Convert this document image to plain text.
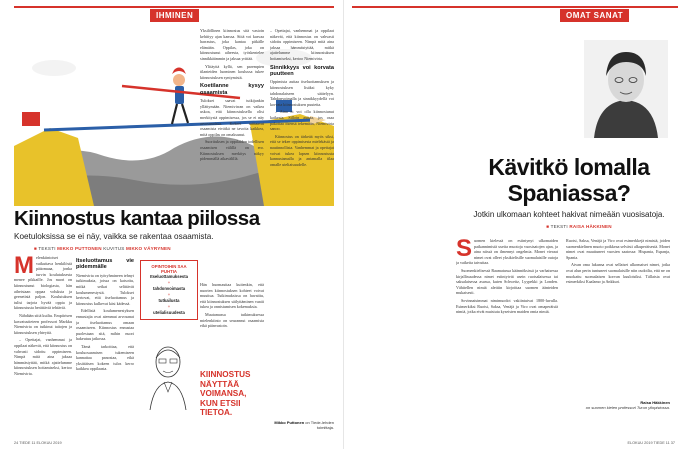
IHMINEN
Kiinnostus kantaa piilossa
Koetuloksissa se ei näy, vaikka se rakentaa osaamista.
■ TEKSTI MIKKO PUTTONEN KUVITUS MIKKO VÄYRYNEN
M elenkiintoiset vaikuttava henkilöstä pääomaaa, jonka turvin koulutuksesta menee pikkaille. Jos nuori on kiinnostunut biologiasta, hän aiheistaan oppaa voluksta ja geenetistä paljon. Koulutuksen tulisi tarjota hyvää oppia ja kiinnostusta herättäviä tehtäviä.

Nähdään siitä kuiltu. Empiirisen kasvatustieteen professori Markku Niemivirta on tutkinut taitojen ja kiinnostuksen yhteyttä.

– Opettajat, vanhemmat ja oppilaat näkevät, että kiinnostus on vahvasti sidottu oppimiseen. Nimpä mitä aina jaksaa hämmästyttää, mitkä ajattelumme kiinnostuksen hoitamiseksi, kertoo Niemivirta.

Itseluottamus vie pidemmälle

Niemivirta on työryhmineen tehnyt tutkimuksia, joissa on katsottu, mitkä seikat selittävät koulumenestystä. Tulokset kertovat, että itseluottamus ja kiinnostus kulkevat käsi kädessä.

Edellisiä koulumenestyksen ennustajia ovat aiemmat arvosanat ja itseluottamus omaan osaamiseen. Kiinnostus ennustaa puolestaan sitä, mihin nuori hakeutuu jatkossa.

Tämä tarkoittaa, että kouluosaamisen tukemiseen kannattaa panostaa, eikä yksittäisen kokeen tulos kerro kaikkea oppilaasta.

OPINTOIHIN SAA PUHTIA
Itseluottamuksesta
+
tahdonvoimasta
+
tutkailusta
+
utelialisuudesta

Yksilöllinen kiinnostus sitä vastoin kehittyy ajan kanssa. Siitä voi kasvaa harrastus, joka kantaa pitkälle elämään. Oppilas, joka on kiinnostunut aiheesta, työskentelee sinnikkäämmin ja jaksaa yrittää.

Ylitäyttä kyllä, sen parempien tilanteiden luominen koulussa tukee kiinnostuksen syntymistä.

Koetilanne kysyy osaamista

Tulokset saavat tutkijankin yllättymään. Niemivirran on vaikea uskoa, että kiinnostuksella olisi merkitystä oppimisessa, jos se ei näy arvosanoissa. Kokeet mittaavat osaamista eivätkä ne tavoita kaikkea, mitä oppilas on omaksunut.

Suorituksen ja oppilaiden todellisen osaamisen välillä on ero. Kiinnostuksen merkitys näkyy pidemmällä aikavälillä.

KIINNOSTUS NÄYTTÄÄ VOIMANSA, KUN ETSII TIETOA.

Hän huomauttaa kuitenkin, että nuorten kiinnostuksen kohteet voivat muuttua. Tutkimuksissa on havaittu, että kiinnostuksen säilyttäminen vaatii tukea ja onnistumisen kokemuksia.

Muutamassa tutkimuksessa mielenkiinto on seurannut osaamista eikä päinvastoin.

– Opettajat, vanhemmat ja oppilaat näkevät, että kiinnostus on vahvasti sidottu oppimiseen. Nimpä mitä aina jaksaa hämmästyttää, mitkä ajattelumme kiinnostuksen hoitamiseksi, kertoo Niemivirta.

Sinnikkyys voi korvata puutteen

Oppimista auttaa itseluottamuksen ja kiinnostuksen lisäksi kyky tahdonalaiseen säätelyyn. Tahdonvoimalla ja sinnikkyydellä voi korvata kiinnostuksen puutetta.

– Aina ei voi olla kiinnostunut kaikesta. Silloin auttaa, jos osaa pakottaa itsensä tekemään, Niemivirta sanoo.

Kiinnostus on tärkeää myös siksi, että se tekee oppimisesta mielekästä ja nautinnollista. Vanhemmat ja opettajat voivat tukea lapsen kiinnostusta kannustamalla ja antamalla tilaa omalle uteliaisuudelle.

Mikko Puttonen on Tiede-lehden toimittaja.
24 TIEDE 11 ELOKUU 2019
OMAT SANAT
Kävitkö lomalla Spaniassa?
Jotkin ulkomaan kohteet hakivat nimeään vuosisatoja.
■ TEKSTI RAISA HÄKKINEN
S uomen kielessä on esiintynyt ulkomaiden paikannimistä useita muotoja vuosisatojen ajan, ja aina niissä on ilmennyt ongelmia. Monet vieraat nimet ovat olleet yksikielisille suomalaisille outoja ja vaikeita taivuttaa.

Suomenkielisessä Raamatussa käännöksissä ja varhaisessa kirjallisuudessa nimet esiintyivät usein ruotsalaisessa tai saksalaisessa asussa, kuten Schweitz, Lyypekki ja Londen. Vähitellen nimiä alettiin kirjoittaa suomen äänteiden mukaisesti.

Sovinnaisimmat nimimuodot vakiintuivat 1800-luvulla. Esimerkiksi Ruotsi, Saksa, Venäjä ja Viro ovat omaperäisiä nimiä, jotka eivät muistuta kyseisten maiden omia nimiä.

Ruotsi, Saksa, Venäjä ja Viro ovat esimerkkejä nimistä, joiden suomenkielinen muoto poikkeaa selvästi alkuperäisestä. Monet nimet ovat muuttuneet vuosien saatossa: Hispania, Espanja, Spania.

Aivan oma lukunsa ovat sellaiset ulkomaiset nimet, jotka ovat alun perin tuntuneet suomalaisille niin oudoilta, että ne on muokattu suomalaisen korvan kuuloisiksi. Tällaisia ovat esimerkiksi Kaalamo ja Ankkuri.

Raisa Häkkinen
on suomen kielen professori Turun yliopistossa.
ELOKUU 2019 TIEDE 11 37
